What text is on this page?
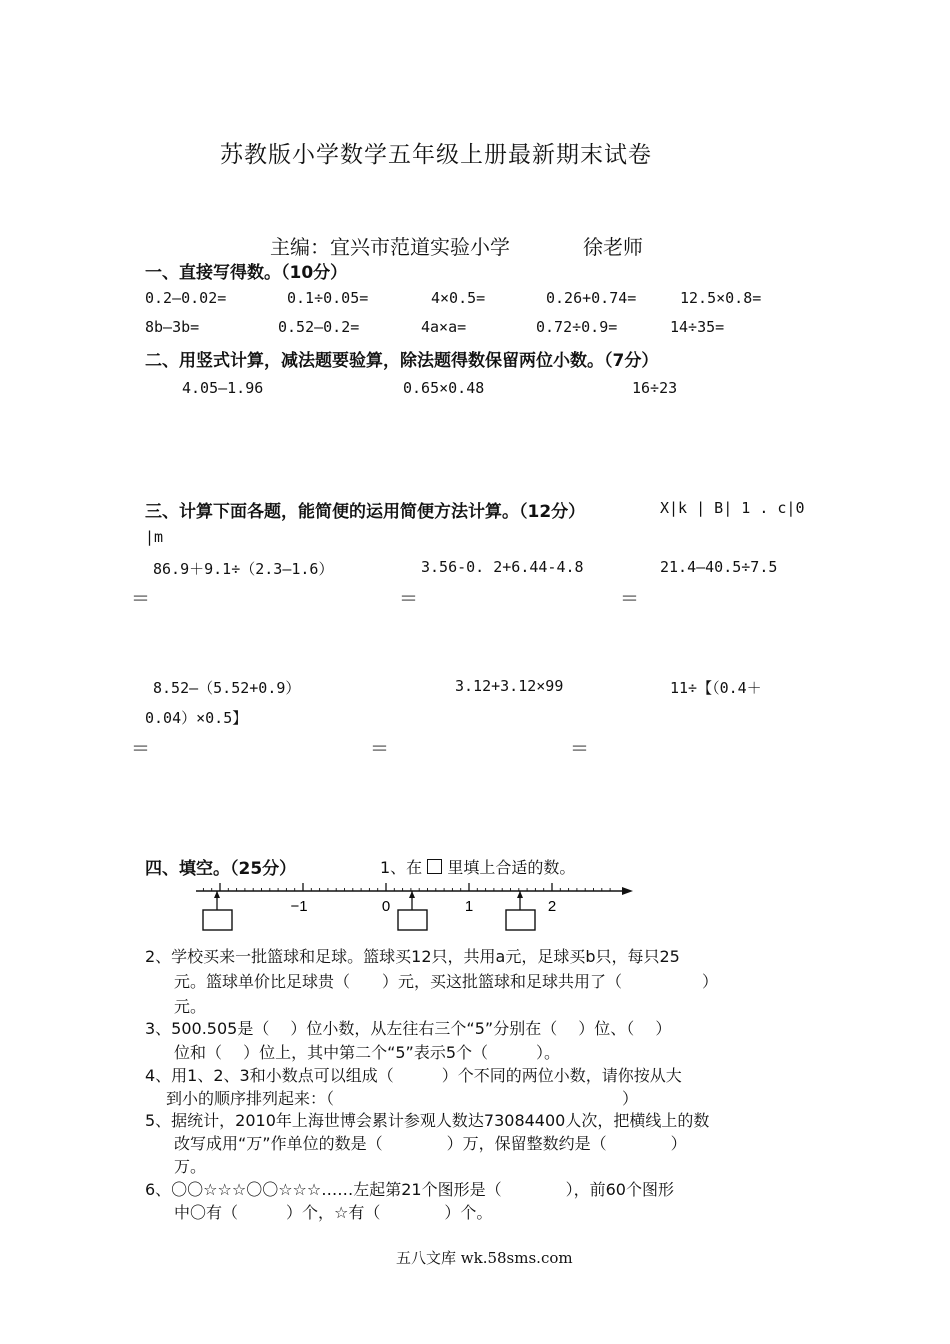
苏教版小学数学五年级上册最新期末试卷
主编：宜兴市范道实验小学	徐老师
一、直接写得数。（10分）
0.2—0.02=	0.1÷0.05=	4×0.5=	0.26+0.74=	12.5×0.8=
8b—3b=	0.52—0.2=	4a×a=	0.72÷0.9=	14÷35=
二、用竖式计算，减法题要验算，除法题得数保留两位小数。（7分）
4.05—1.96	0.65×0.48	16÷23
三、计算下面各题，能简便的运用简便方法计算。（12分）	X|k | B| 1 . c|0
|m
86.9＋9.1÷（2.3—1.6）	3.56-0. 2+6.44-4.8	21.4—40.5÷7.5
＝	＝	＝
8.52—（5.52+0.9）	3.12+3.12×99	11÷【（0.4＋
0.04）×0.5】
＝	＝	＝
四、填空。（25分）	1、在 里填上合适的数。
−1	0	1	2
2、学校买来一批篮球和足球。篮球买12只，共用a元，足球买b只，每只25
元。篮球单价比足球贵（　　）元，买这批篮球和足球共用了（　　　　　）
元。
3、500.505是（　 ）位小数，从左往右三个“5”分别在（　 ）位、（　 ）
位和（　 ）位上，其中第二个“5”表示5个（　　　）。
4、用1、2、3和小数点可以组成（　　　）个不同的两位小数，请你按从大
到小的顺序排列起来：（　　　　　　　　　　　　　　　　　　）
5、据统计，2010年上海世博会累计参观人数达73084400人次，把横线上的数
改写成用“万”作单位的数是（　　　　）万，保留整数约是（　　　　）
万。
6、〇〇☆☆☆〇〇☆☆☆……左起第21个图形是（　　　　），前60个图形
中〇有（　　　）个，☆有（　　　　）个。
五八文库 wk.58sms.com
